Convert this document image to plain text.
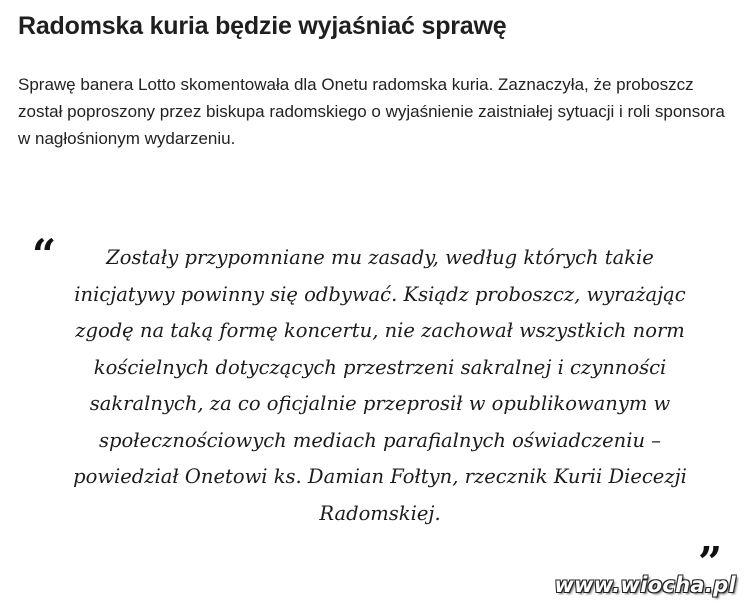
Radomska kuria będzie wyjaśniać sprawę

Sprawę banera Lotto skomentowała dla Onetu radomska kuria. Zaznaczyła, że proboszcz został poproszony przez biskupa radomskiego o wyjaśnienie zaistniałej sytuacji i roli sponsora w nagłośnionym wydarzeniu.

“	Zostały przypomniane mu zasady, według których takie inicjatywy powinny się odbywać. Ksiądz proboszcz, wyrażając zgodę na taką formę koncertu, nie zachował wszystkich norm kościelnych dotyczących przestrzeni sakralnej i czynności sakralnych, za co oficjalnie przeprosił w opublikowanym w społecznościowych mediach parafialnych oświadczeniu – powiedział Onetowi ks. Damian Fołtyn, rzecznik Kurii Diecezji Radomskiej.

”
www.wiocha.pl
